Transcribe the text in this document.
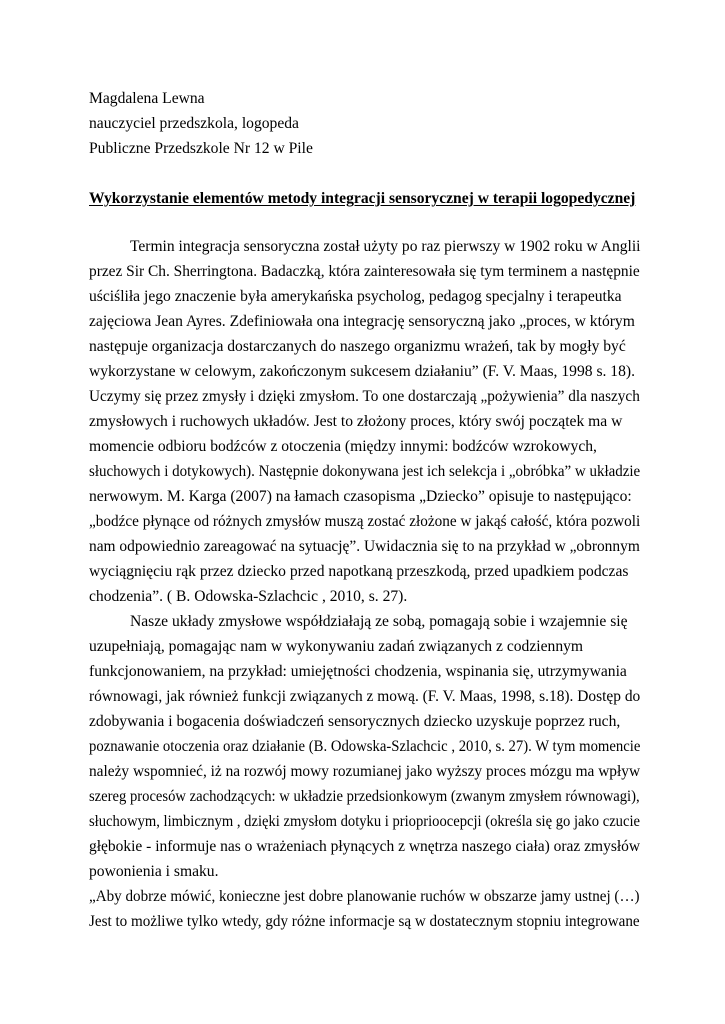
Magdalena Lewna
nauczyciel przedszkola, logopeda
Publiczne Przedszkole Nr 12 w Pile
Wykorzystanie elementów metody integracji sensorycznej w terapii logopedycznej
Termin integracja sensoryczna został użyty po raz pierwszy w 1902 roku w Anglii
przez Sir Ch. Sherringtona. Badaczką, która zainteresowała się tym terminem a następnie
uściśliła jego znaczenie była amerykańska psycholog, pedagog specjalny i terapeutka
zajęciowa Jean Ayres. Zdefiniowała ona integrację sensoryczną jako „proces, w którym
następuje organizacja dostarczanych do naszego organizmu wrażeń, tak by mogły być
wykorzystane w celowym, zakończonym sukcesem działaniu” (F. V. Maas, 1998 s. 18).
Uczymy się przez zmysły i dzięki zmysłom. To one dostarczają „pożywienia” dla naszych
zmysłowych i ruchowych układów. Jest to złożony proces, który swój początek ma w
momencie odbioru bodźców z otoczenia (między innymi: bodźców wzrokowych,
słuchowych i dotykowych). Następnie dokonywana jest ich selekcja i „obróbka” w układzie
nerwowym. M. Karga (2007) na łamach czasopisma „Dziecko” opisuje to następująco:
„bodźce płynące od różnych zmysłów muszą zostać złożone w jakąś całość, która pozwoli
nam odpowiednio zareagować na sytuację”. Uwidacznia się to na przykład w „obronnym
wyciągnięciu rąk przez dziecko przed napotkaną przeszkodą, przed upadkiem podczas
chodzenia”. ( B. Odowska-Szlachcic , 2010, s. 27).
Nasze układy zmysłowe współdziałają ze sobą, pomagają sobie i wzajemnie się
uzupełniają, pomagając nam w wykonywaniu zadań związanych z codziennym
funkcjonowaniem, na przykład: umiejętności chodzenia, wspinania się, utrzymywania
równowagi, jak również funkcji związanych z mową. (F. V. Maas, 1998, s.18). Dostęp do
zdobywania i bogacenia doświadczeń sensorycznych dziecko uzyskuje poprzez ruch,
poznawanie otoczenia oraz działanie (B. Odowska-Szlachcic , 2010, s. 27). W tym momencie
należy wspomnieć, iż na rozwój mowy rozumianej jako wyższy proces mózgu ma wpływ
szereg procesów zachodzących: w układzie przedsionkowym (zwanym zmysłem równowagi),
słuchowym, limbicznym , dzięki zmysłom dotyku i prioprioocepcji (określa się go jako czucie
głębokie - informuje nas o wrażeniach płynących z wnętrza naszego ciała) oraz zmysłów
powonienia i smaku.
„Aby dobrze mówić, konieczne jest dobre planowanie ruchów w obszarze jamy ustnej (…)
Jest to możliwe tylko wtedy, gdy różne informacje są w dostatecznym stopniu integrowane
